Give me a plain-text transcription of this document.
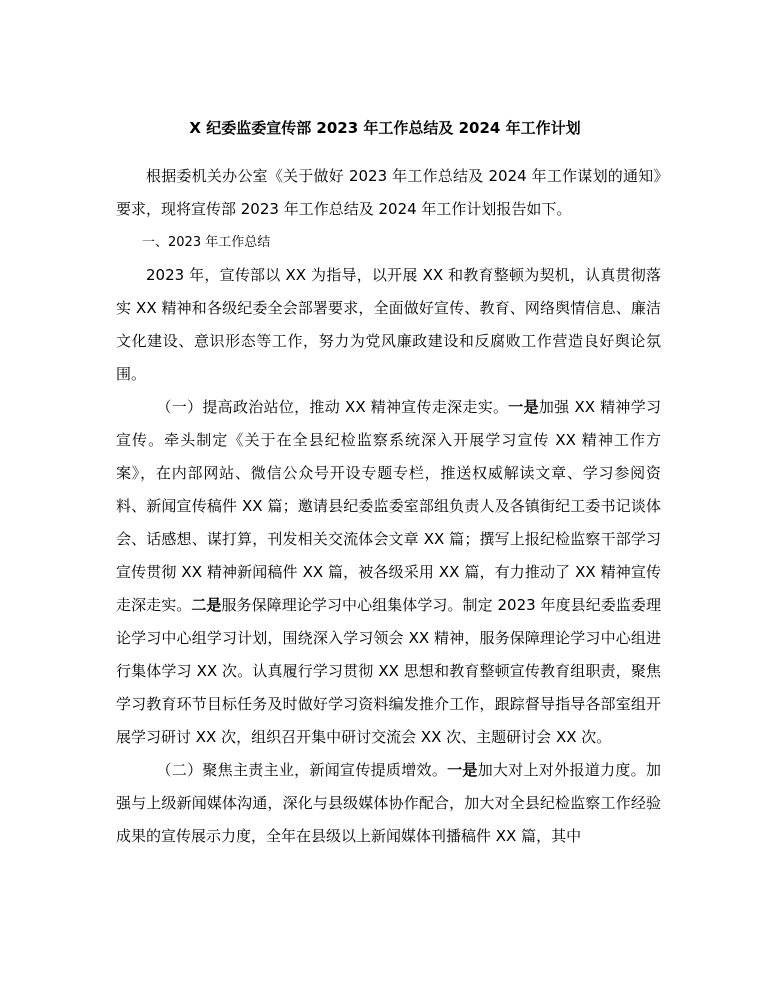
X 纪委监委宣传部 2023 年工作总结及 2024 年工作计划

根据委机关办公室《关于做好 2023 年工作总结及 2024 年工作谋划的通知》要求，现将宣传部 2023 年工作总结及 2024 年工作计划报告如下。

一、2023 年工作总结

2023 年，宣传部以 XX 为指导，以开展 XX 和教育整顿为契机，认真贯彻落实 XX 精神和各级纪委全会部署要求，全面做好宣传、教育、网络舆情信息、廉洁文化建设、意识形态等工作，努力为党风廉政建设和反腐败工作营造良好舆论氛围。

（一）提高政治站位，推动 XX 精神宣传走深走实。一是加强 XX 精神学习宣传。牵头制定《关于在全县纪检监察系统深入开展学习宣传 XX 精神工作方案》，在内部网站、微信公众号开设专题专栏，推送权威解读文章、学习参阅资料、新闻宣传稿件 XX 篇；邀请县纪委监委室部组负责人及各镇街纪工委书记谈体会、话感想、谋打算，刊发相关交流体会文章 XX 篇；撰写上报纪检监察干部学习宣传贯彻 XX 精神新闻稿件 XX 篇，被各级采用 XX 篇，有力推动了 XX 精神宣传走深走实。二是服务保障理论学习中心组集体学习。制定 2023 年度县纪委监委理论学习中心组学习计划，围绕深入学习领会 XX 精神，服务保障理论学习中心组进行集体学习 XX 次。认真履行学习贯彻 XX 思想和教育整顿宣传教育组职责，聚焦学习教育环节目标任务及时做好学习资料编发推介工作，跟踪督导指导各部室组开展学习研讨 XX 次，组织召开集中研讨交流会 XX 次、主题研讨会 XX 次。

（二）聚焦主责主业，新闻宣传提质增效。一是加大对上对外报道力度。加强与上级新闻媒体沟通，深化与县级媒体协作配合，加大对全县纪检监察工作经验成果的宣传展示力度，全年在县级以上新闻媒体刊播稿件 XX 篇，其中
